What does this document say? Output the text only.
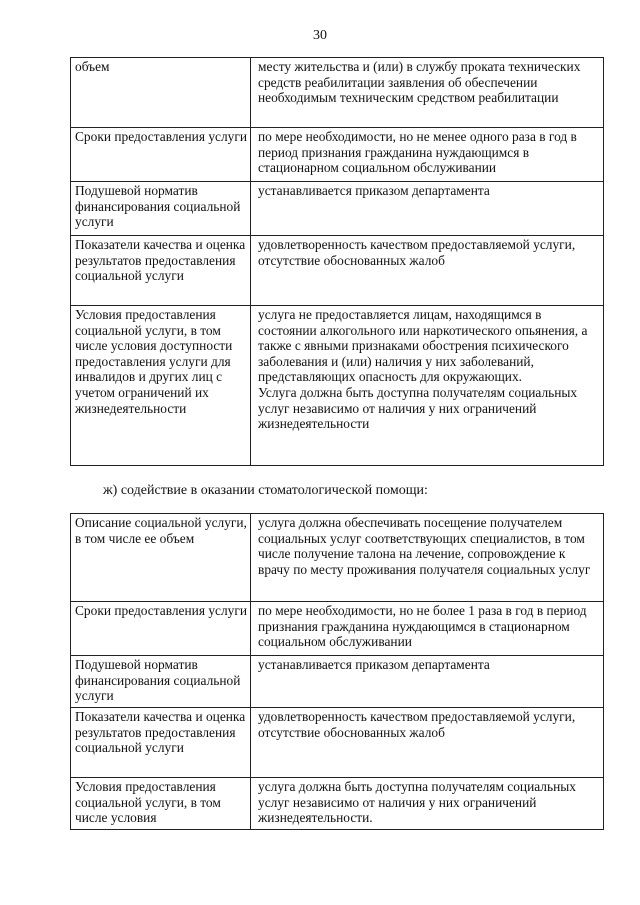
30
объем	месту жительства и (или) в службу проката технических средств реабилитации заявления об обеспечении необходимым техническим средством реабилитации

Сроки предоставления услуги	по мере необходимости, но не менее одного раза в год в период признания гражданина нуждающимся в стационарном социальном обслуживании

Подушевой норматив финансирования социальной услуги	устанавливается приказом департамента

Показатели качества и оценка результатов предоставления социальной услуги	удовлетворенность качеством предоставляемой услуги, отсутствие обоснованных жалоб

Условия предоставления социальной услуги, в том числе условия доступности предоставления услуги для инвалидов и других лиц с учетом ограничений их жизнедеятельности	услуга не предоставляется лицам, находящимся в состоянии алкогольного или наркотического опьянения, а также с явными признаками обострения психического заболевания и (или) наличия у них заболеваний, представляющих опасность для окружающих.

Услуга должна быть доступна получателям социальных услуг независимо от наличия у них ограничений жизнедеятельности

ж) содействие в оказании стоматологической помощи:
Описание социальной услуги, в том числе ее объем	услуга должна обеспечивать посещение получателем социальных услуг соответствующих специалистов, в том числе получение талона на лечение, сопровождение к врачу по месту проживания получателя социальных услуг

Сроки предоставления услуги	по мере необходимости, но не более 1 раза в год в период признания гражданина нуждающимся в стационарном социальном обслуживании

Подушевой норматив финансирования социальной услуги	устанавливается приказом департамента

Показатели качества и оценка результатов предоставления социальной услуги	удовлетворенность качеством предоставляемой услуги, отсутствие обоснованных жалоб

Условия предоставления социальной услуги, в том числе условия	услуга должна быть доступна получателям социальных услуг независимо от наличия у них ограничений жизнедеятельности.
